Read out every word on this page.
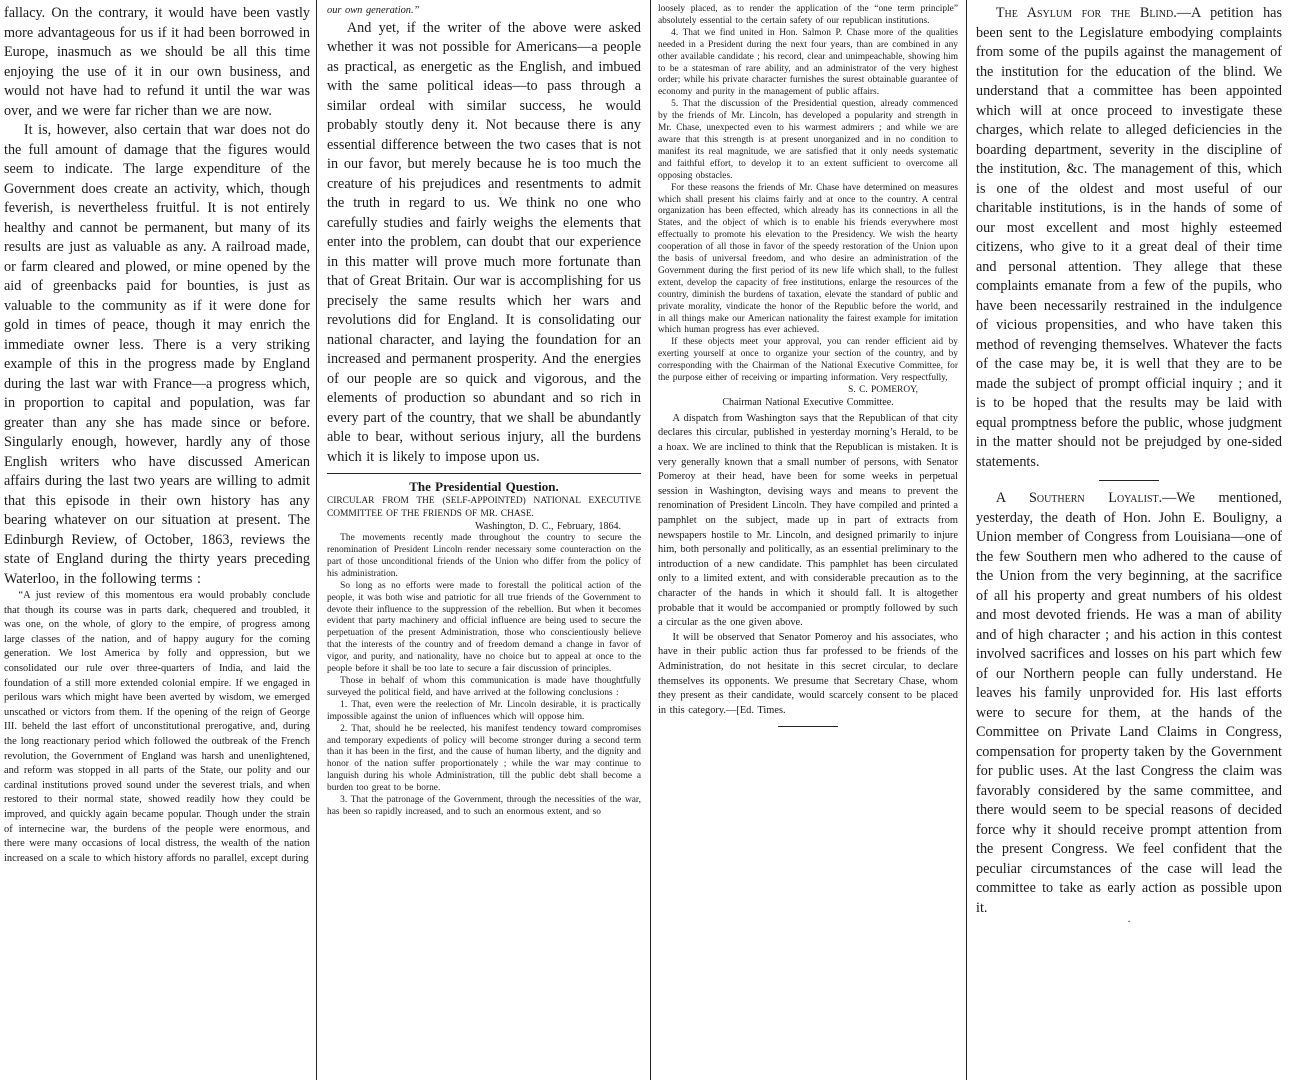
fallacy. On the contrary, it would have been vastly more advantageous for us if it had been borrowed in Europe, inasmuch as we should be all this time enjoying the use of it in our own business, and would not have had to refund it until the war was over, and we were far richer than we are now.

It is, however, also certain that war does not do the full amount of damage that the figures would seem to indicate. The large expenditure of the Government does create an activity, which, though feverish, is nevertheless fruitful. It is not entirely healthy and cannot be permanent, but many of its results are just as valuable as any. A railroad made, or farm cleared and plowed, or mine opened by the aid of greenbacks paid for bounties, is just as valuable to the community as if it were done for gold in times of peace, though it may enrich the immediate owner less. There is a very striking example of this in the progress made by England during the last war with France—a progress which, in proportion to capital and population, was far greater than any she has made since or before. Singularly enough, however, hardly any of those English writers who have discussed American affairs during the last two years are willing to admit that this episode in their own history has any bearing whatever on our situation at present. The Edinburgh Review, of October, 1863, reviews the state of England during the thirty years preceding Waterloo, in the following terms :

“A just review of this momentous era would probably conclude that though its course was in parts dark, chequered and troubled, it was one, on the whole, of glory to the empire, of progress among large classes of the nation, and of happy augury for the coming generation. We lost America by folly and oppression, but we consolidated our rule over three-quarters of India, and laid the foundation of a still more extended colonial empire. If we engaged in perilous wars which might have been averted by wisdom, we emerged unscathed or victors from them. If the opening of the reign of George III. beheld the last effort of unconstitutional prerogative, and, during the long reactionary period which followed the outbreak of the French revolution, the Government of England was harsh and unenlightened, and reform was stopped in all parts of the State, our polity and our cardinal institutions proved sound under the severest trials, and when restored to their normal state, showed readily how they could be improved, and quickly again became popular. Though under the strain of internecine war, the burdens of the people were enormous, and there were many occasions of local distress, the wealth of the nation increased on a scale to which history affords no parallel, except during

our own generation.”

And yet, if the writer of the above were asked whether it was not possible for Americans—a people as practical, as energetic as the English, and imbued with the same political ideas—to pass through a similar ordeal with similar success, he would probably stoutly deny it. Not because there is any essential difference between the two cases that is not in our favor, but merely because he is too much the creature of his prejudices and resentments to admit the truth in regard to us. We think no one who carefully studies and fairly weighs the elements that enter into the problem, can doubt that our experience in this matter will prove much more fortunate than that of Great Britain. Our war is accomplishing for us precisely the same results which her wars and revolutions did for England. It is consolidating our national character, and laying the foundation for an increased and permanent prosperity. And the energies of our people are so quick and vigorous, and the elements of production so abundant and so rich in every part of the country, that we shall be abundantly able to bear, without serious injury, all the burdens which it is likely to impose upon us.

The Presidential Question.

CIRCULAR FROM THE (SELF-APPOINTED) NATIONAL EXECUTIVE COMMITTEE OF THE FRIENDS OF MR. CHASE.

Washington, D. C., February, 1864.

The movements recently made throughout the country to secure the renomination of President Lincoln render necessary some counteraction on the part of those unconditional friends of the Union who differ from the policy of his administration.

So long as no efforts were made to forestall the political action of the people, it was both wise and patriotic for all true friends of the Government to devote their influence to the suppression of the rebellion. But when it becomes evident that party machinery and official influence are being used to secure the perpetuation of the present Administration, those who conscientiously believe that the interests of the country and of freedom demand a change in favor of vigor, and purity, and nationality, have no choice but to appeal at once to the people before it shall be too late to secure a fair discussion of principles.

Those in behalf of whom this communication is made have thoughtfully surveyed the political field, and have arrived at the following conclusions :

1. That, even were the reelection of Mr. Lincoln desirable, it is practically impossible against the union of influences which will oppose him.

2. That, should he be reelected, his manifest tendency toward compromises and temporary expedients of policy will become stronger during a second term than it has been in the first, and the cause of human liberty, and the dignity and honor of the nation suffer proportionately ; while the war may continue to languish during his whole Administration, till the public debt shall become a burden too great to be borne.

3. That the patronage of the Government, through the necessities of the war, has been so rapidly increased, and to such an enormous extent, and so

loosely placed, as to render the application of the “one term principle” absolutely essential to the certain safety of our republican institutions.

4. That we find united in Hon. Salmon P. Chase more of the qualities needed in a President during the next four years, than are combined in any other available candidate ; his record, clear and unimpeachable, showing him to be a statesman of rare ability, and an administrator of the very highest order; while his private character furnishes the surest obtainable guarantee of economy and purity in the management of public affairs.

5. That the discussion of the Presidential question, already commenced by the friends of Mr. Lincoln, has developed a popularity and strength in Mr. Chase, unexpected even to his warmest admirers ; and while we are aware that this strength is at present unorganized and in no condition to manifest its real magnitude, we are satisfied that it only needs systematic and faithful effort, to develop it to an extent sufficient to overcome all opposing obstacles.

For these reasons the friends of Mr. Chase have determined on measures which shall present his claims fairly and at once to the country. A central organization has been effected, which already has its connections in all the States, and the object of which is to enable his friends everywhere most effectually to promote his elevation to the Presidency. We wish the hearty cooperation of all those in favor of the speedy restoration of the Union upon the basis of universal freedom, and who desire an administration of the Government during the first period of its new life which shall, to the fullest extent, develop the capacity of free institutions, enlarge the resources of the country, diminish the burdens of taxation, elevate the standard of public and private morality, vindicate the honor of the Republic before the world, and in all things make our American nationality the fairest example for imitation which human progress has ever achieved.

If these objects meet your approval, you can render efficient aid by exerting yourself at once to organize your section of the country, and by corresponding with the Chairman of the National Executive Committee, for the purpose either of receiving or imparting information. Very respectfully,

S. C. POMEROY,

Chairman National Executive Committee.

A dispatch from Washington says that the Republican of that city declares this circular, published in yesterday morning’s Herald, to be a hoax. We are inclined to think that the Republican is mistaken. It is very generally known that a small number of persons, with Senator Pomeroy at their head, have been for some weeks in perpetual session in Washington, devising ways and means to prevent the renomination of President Lincoln. They have compiled and printed a pamphlet on the subject, made up in part of extracts from newspapers hostile to Mr. Lincoln, and designed primarily to injure him, both personally and politically, as an essential preliminary to the introduction of a new candidate. This pamphlet has been circulated only to a limited extent, and with considerable precaution as to the character of the hands in which it should fall. It is altogether probable that it would be accompanied or promptly followed by such a circular as the one given above.

It will be observed that Senator Pomeroy and his associates, who have in their public action thus far professed to be friends of the Administration, do not hesitate in this secret circular, to declare themselves its opponents. We presume that Secretary Chase, whom they present as their candidate, would scarcely consent to be placed in this category.—[Ed. Times.

The Asylum for the Blind.—A petition has been sent to the Legislature embodying complaints from some of the pupils against the management of the institution for the education of the blind. We understand that a committee has been appointed which will at once proceed to investigate these charges, which relate to alleged deficiencies in the boarding department, severity in the discipline of the institution, &c. The management of this, which is one of the oldest and most useful of our charitable institutions, is in the hands of some of our most excellent and most highly esteemed citizens, who give to it a great deal of their time and personal attention. They allege that these complaints emanate from a few of the pupils, who have been necessarily restrained in the indulgence of vicious propensities, and who have taken this method of revenging themselves. Whatever the facts of the case may be, it is well that they are to be made the subject of prompt official inquiry ; and it is to be hoped that the results may be laid with equal promptness before the public, whose judgment in the matter should not be prejudged by one-sided statements.

A Southern Loyalist.—We mentioned, yesterday, the death of Hon. John E. Bouligny, a Union member of Congress from Louisiana—one of the few Southern men who adhered to the cause of the Union from the very beginning, at the sacrifice of all his property and great numbers of his oldest and most devoted friends. He was a man of ability and of high character ; and his action in this contest involved sacrifices and losses on his part which few of our Northern people can fully understand. He leaves his family unprovided for. His last efforts were to secure for them, at the hands of the Committee on Private Land Claims in Congress, compensation for property taken by the Government for public uses. At the last Congress the claim was favorably considered by the same committee, and there would seem to be special reasons of decided force why it should receive prompt attention from the present Congress. We feel confident that the peculiar circumstances of the case will lead the committee to take as early action as possible upon it.

·
